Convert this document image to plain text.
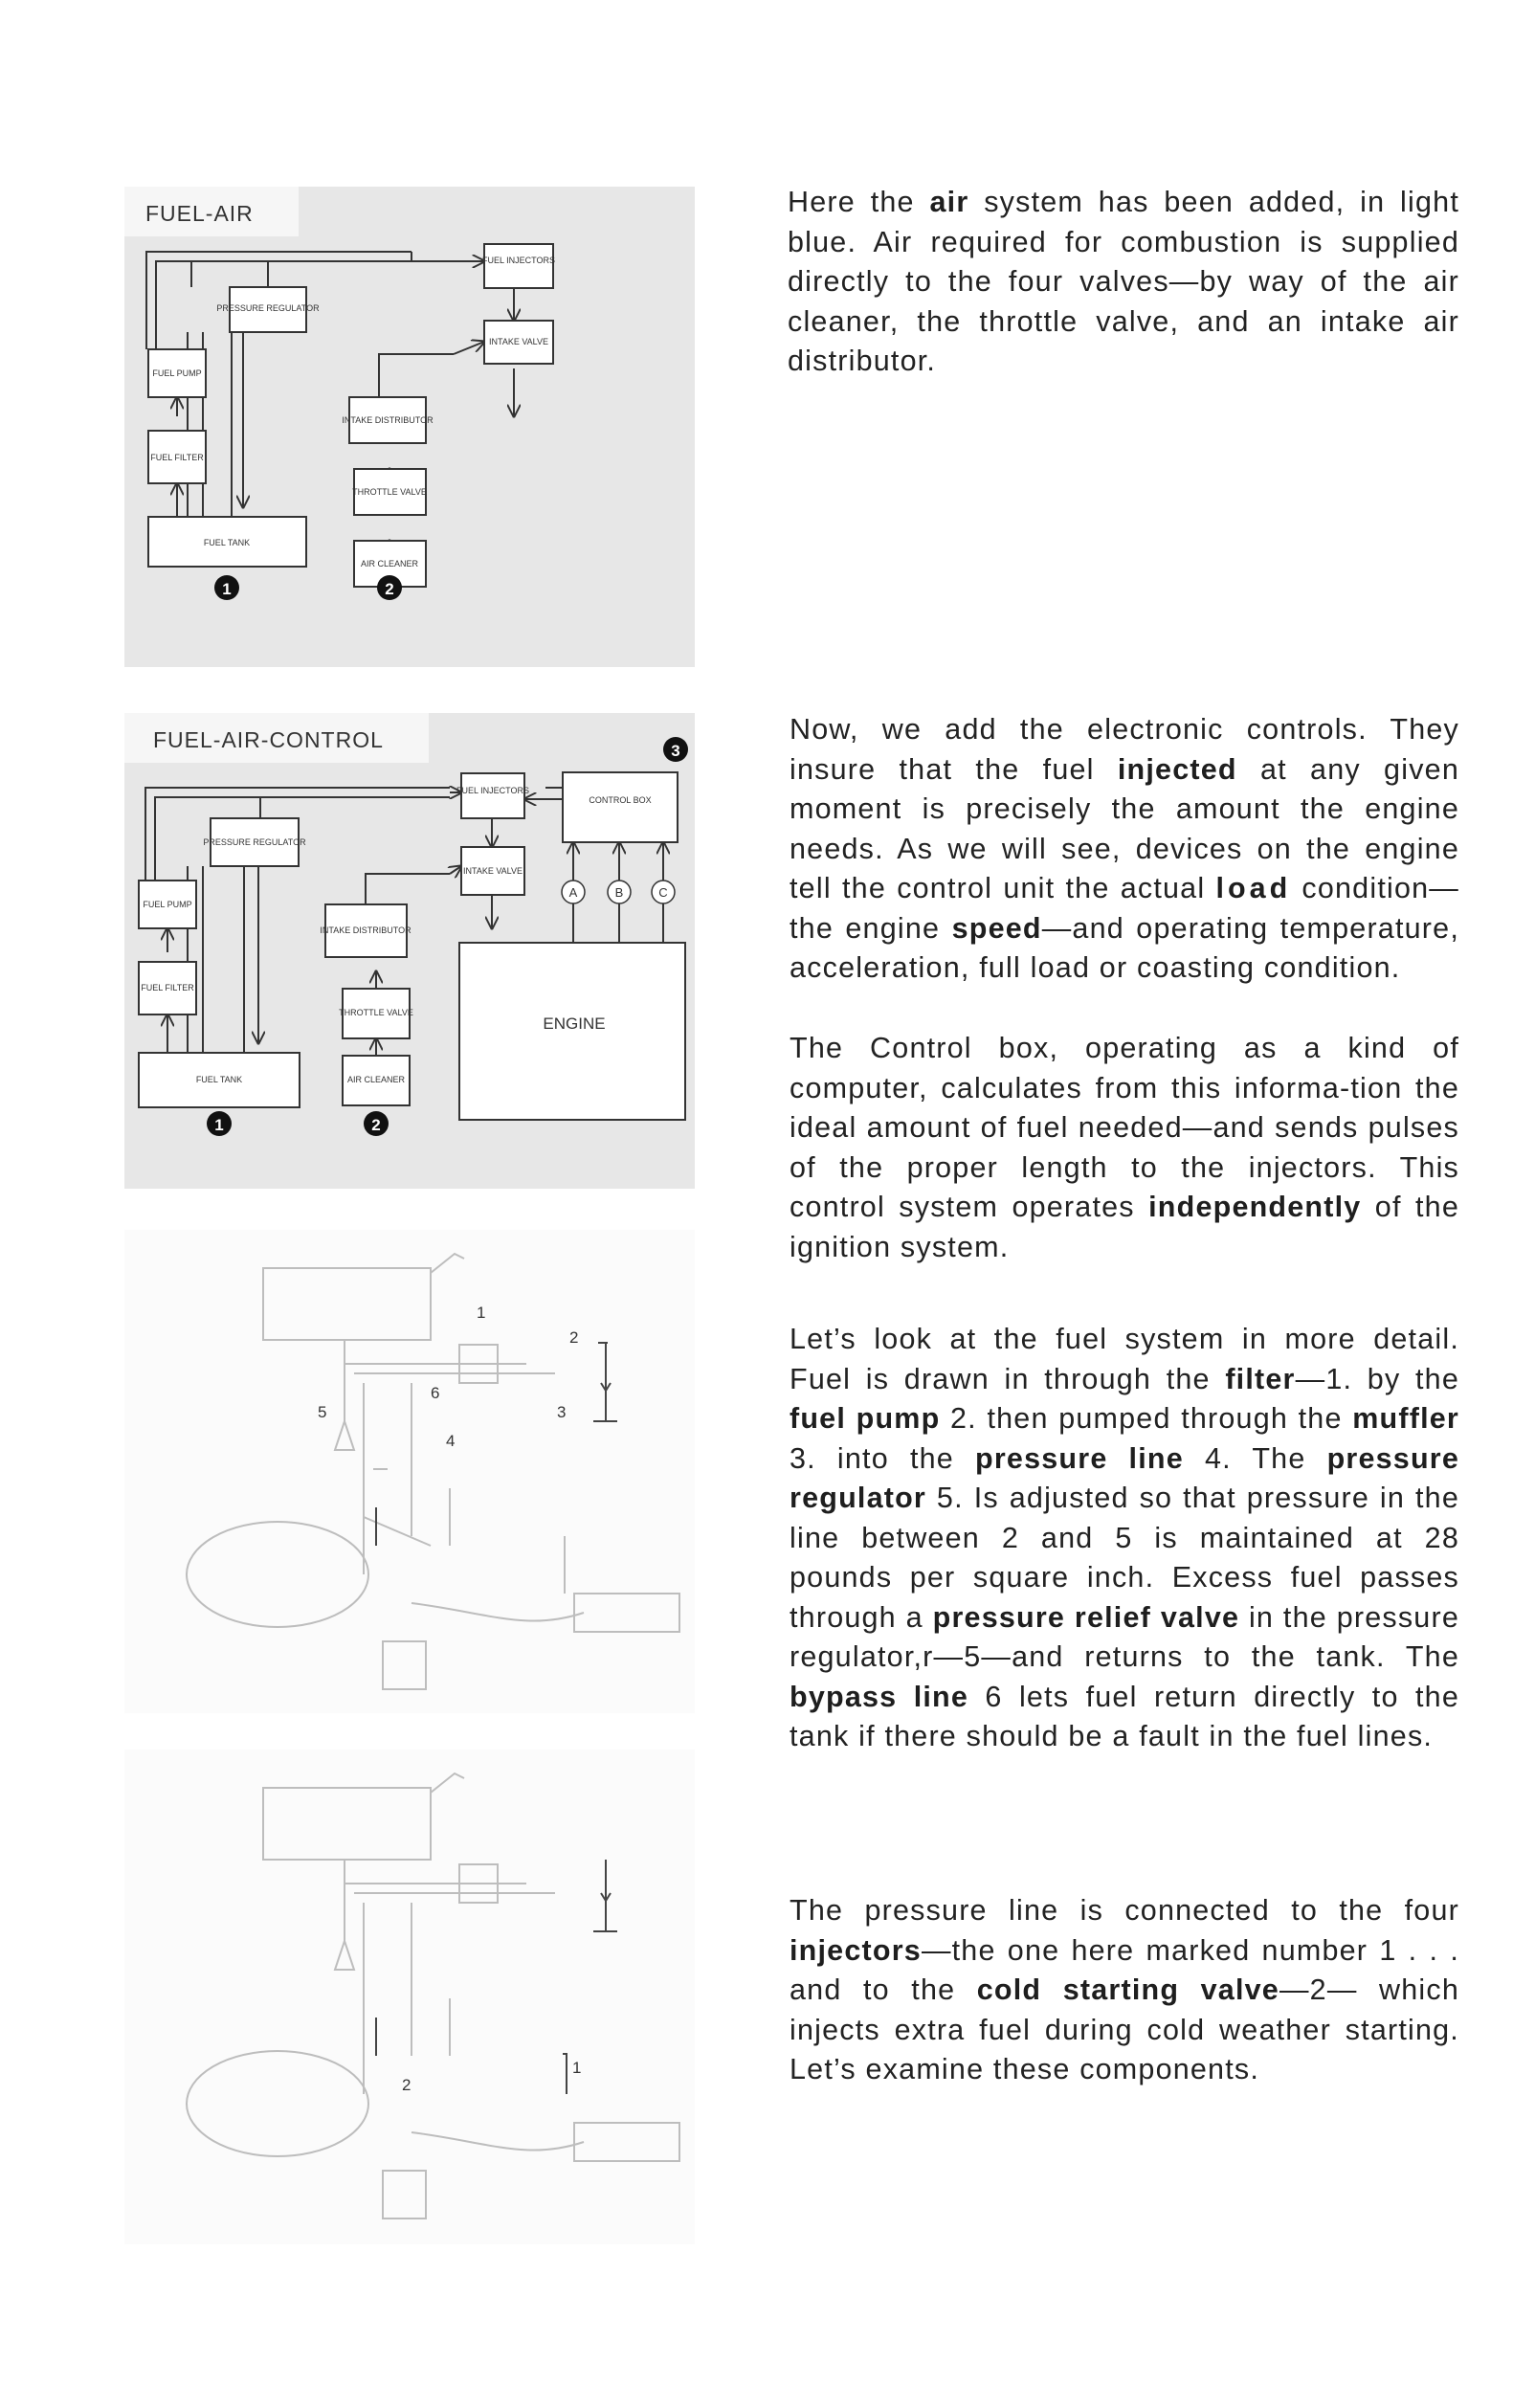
FUEL-AIR
FUEL INJECTORS
PRESSURE REGULATOR
INTAKE VALVE
FUEL PUMP
INTAKE DISTRIBUTOR
FUEL FILTER
THROTTLE VALVE
FUEL TANK
AIR CLEANER
1	2
FUEL-AIR-CONTROL
FUEL INJECTORS
CONTROL BOX
PRESSURE REGULATOR
INTAKE VALVE
FUEL PUMP
INTAKE DISTRIBUTOR
FUEL FILTER
THROTTLE VALVE
FUEL TANK	AIR CLEANER
ENGINE
A	B	C
1	2
3
1
2
3
4
5
6
1
2

Here the air system has been added, in light blue. Air required for combustion is supplied directly to the four valves—by way of the air cleaner, the throttle valve, and an intake air distributor.

Now, we add the electronic controls. They insure that the fuel injected at any given moment is precisely the amount the engine needs. As we will see, devices on the engine tell the control unit the actual load condition—the engine speed—and operating temperature, acceleration, full load or coasting condition.

The Control box, operating as a kind of computer, calculates from this informa-tion the ideal amount of fuel needed—and sends pulses of the proper length to the injectors. This control system operates independently of the ignition system.

Let’s look at the fuel system in more detail. Fuel is drawn in through the filter—1. by the fuel pump 2. then pumped through the muffler 3. into the pressure line 4. The pressure regulator 5. Is adjusted so that pressure in the line between 2 and 5 is maintained at 28 pounds per square inch. Excess fuel passes through a pressure relief valve in the pressure regulator,r—5—and returns to the tank. The bypass line 6 lets fuel return directly to the tank if there should be a fault in the fuel lines.

The pressure line is connected to the four injectors—the one here marked number 1 . . . and to the cold starting valve—2— which injects extra fuel during cold weather starting. Let’s examine these components.
